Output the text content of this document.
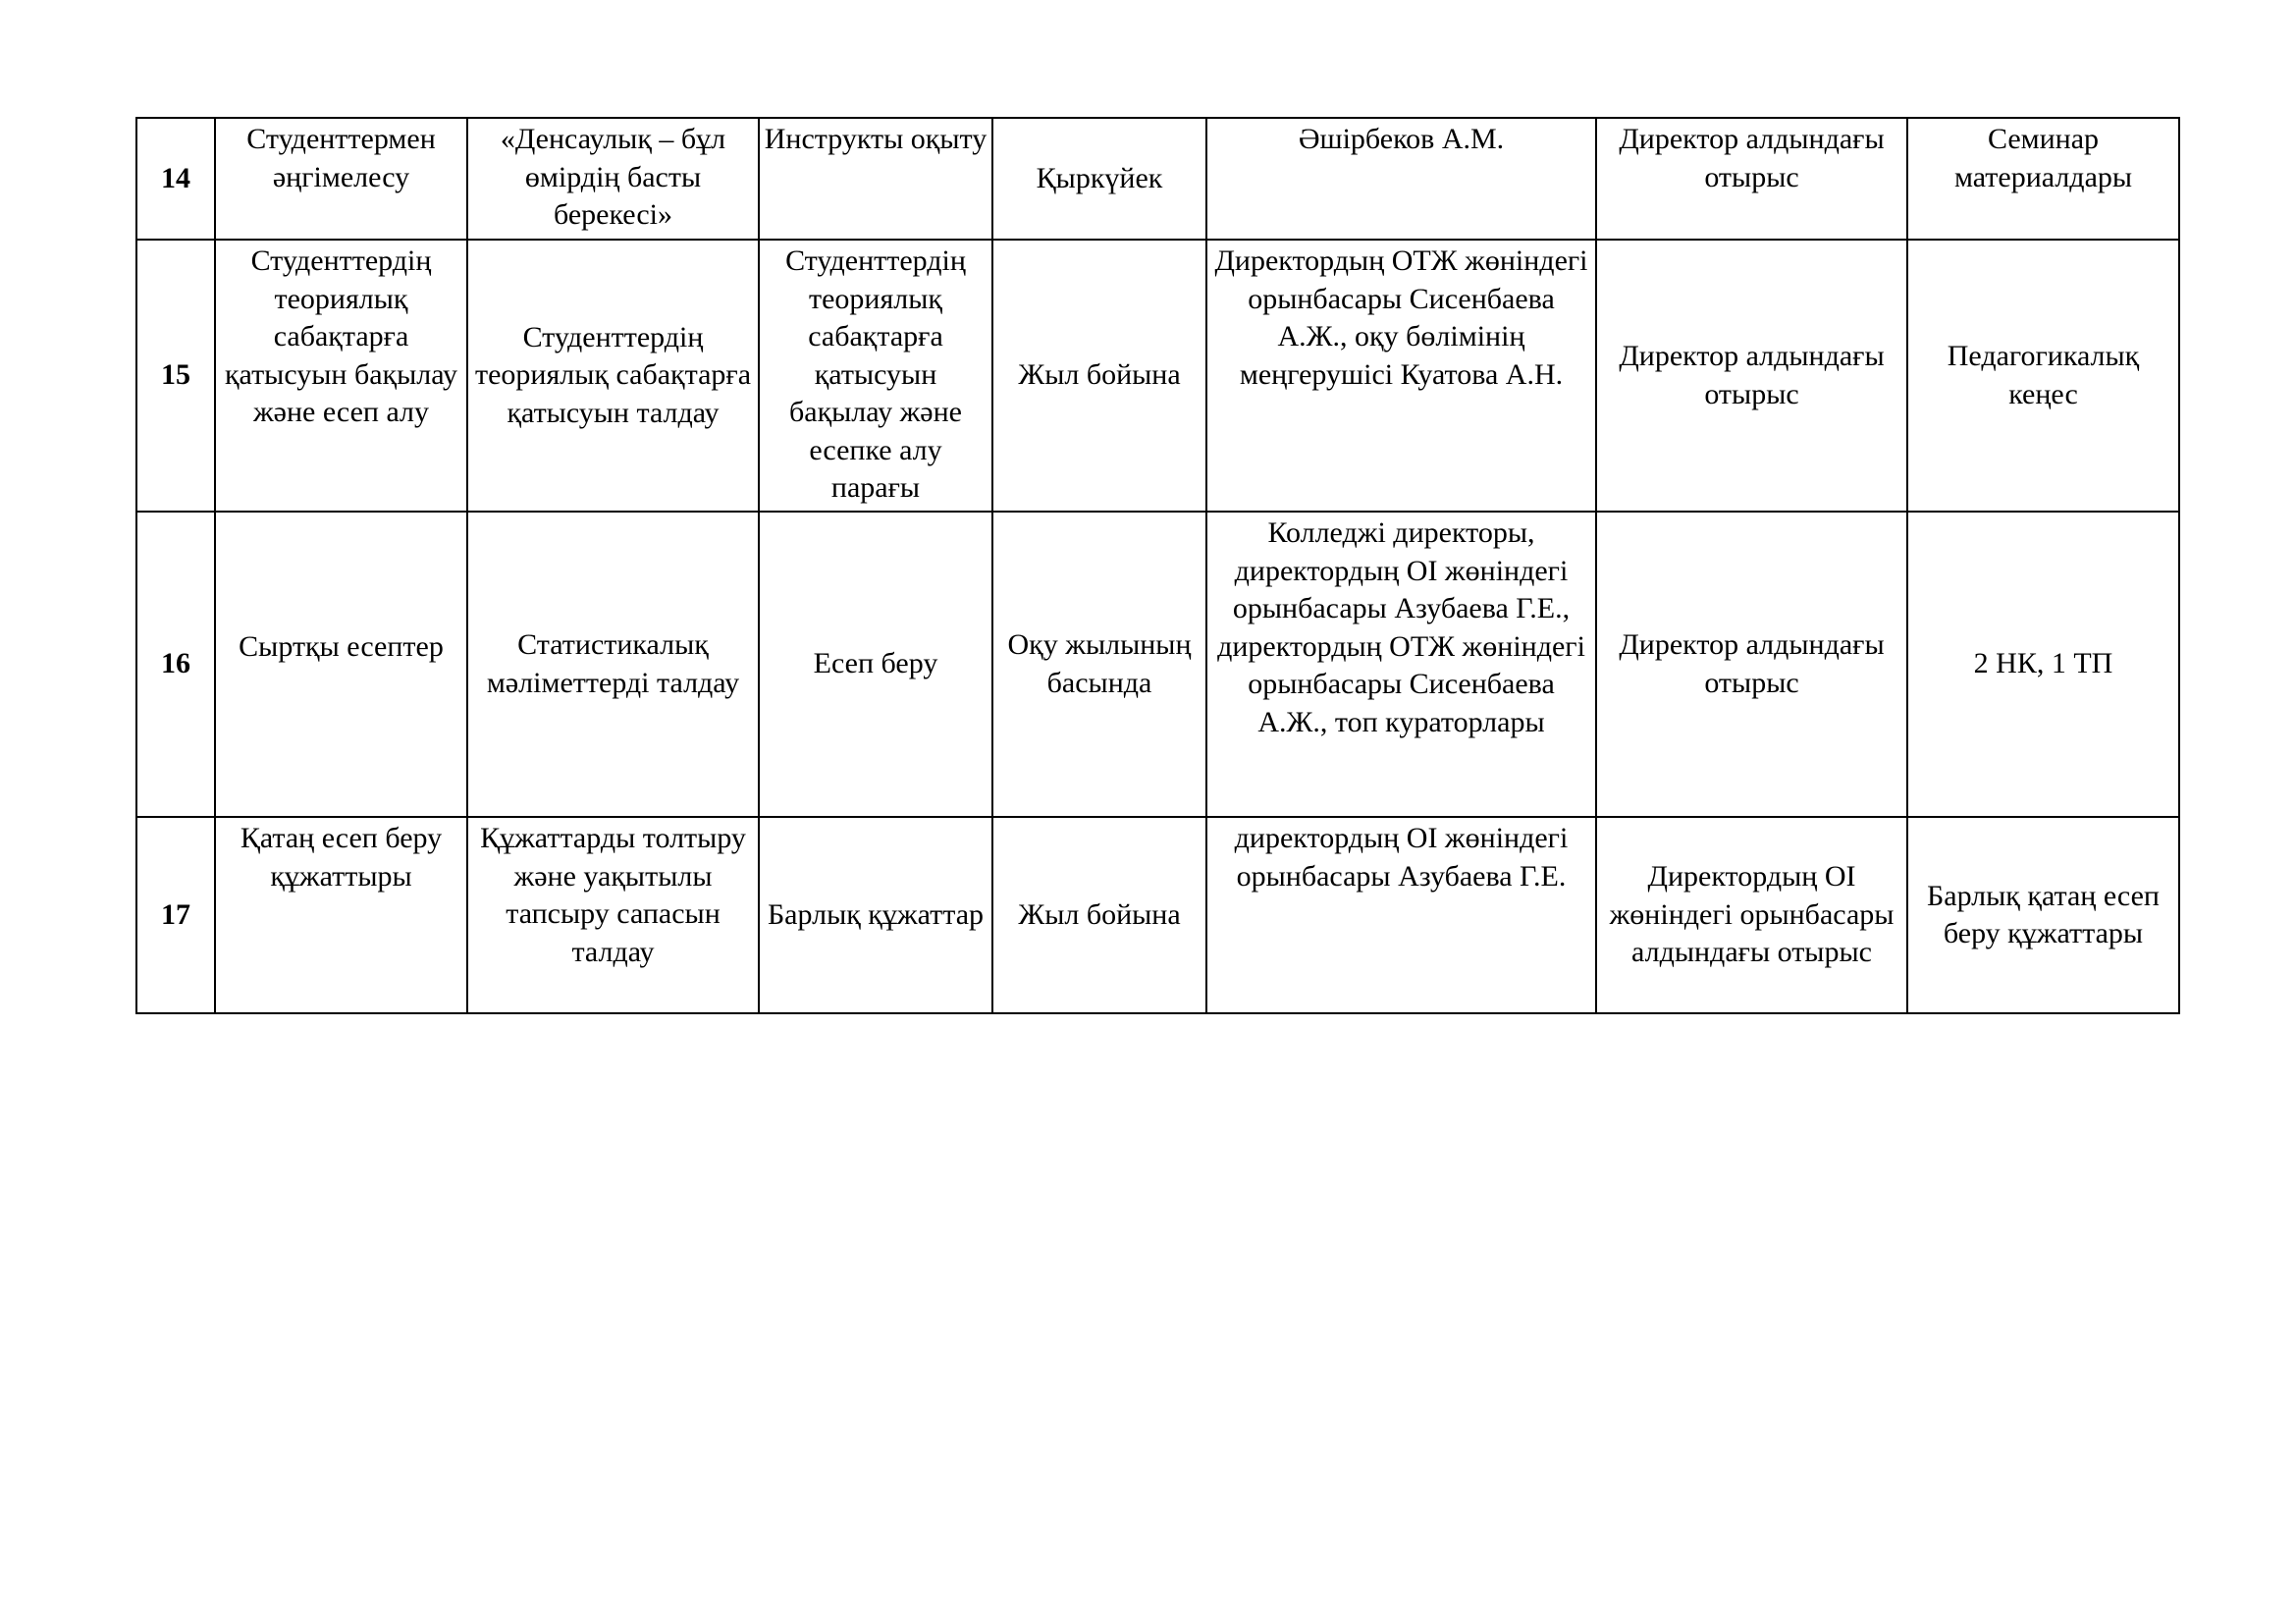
14	Студенттермен әңгімелесу	«Денсаулық – бұл өмірдің басты берекесі»	Инструкты оқыту	Қыркүйек	Әшірбеков А.М.	Директор алдындағы отырыс	Семинар материалдары
15	Студенттердің теориялық сабақтарға қатысуын бақылау және есеп алу	Студенттердің теориялық сабақтарға қатысуын талдау	Студенттердің теориялық сабақтарға қатысуын бақылау және есепке алу парағы	Жыл бойына	Директордың ОТЖ жөніндегі орынбасары Сисенбаева А.Ж., оқу бөлімінің меңгерушісі Куатова А.Н.	Директор алдындағы отырыс	Педагогикалық кеңес
16	Сыртқы есептер	Статистикалық мәліметтерді талдау	Есеп беру	Оқу жылының басында	Колледжі директоры, директордың ОІ жөніндегі орынбасары Азубаева Г.Е., директордың ОТЖ жөніндегі орынбасары Сисенбаева А.Ж., топ кураторлары	Директор алдындағы отырыс	2 НК, 1 ТП
17	Қатаң есеп беру құжаттыры	Құжаттарды толтыру және уақытылы тапсыру сапасын талдау	Барлық құжаттар	Жыл бойына	директордың ОІ жөніндегі орынбасары Азубаева Г.Е.	Директордың ОІ жөніндегі орынбасары алдындағы отырыс	Барлық қатаң есеп беру құжаттары
